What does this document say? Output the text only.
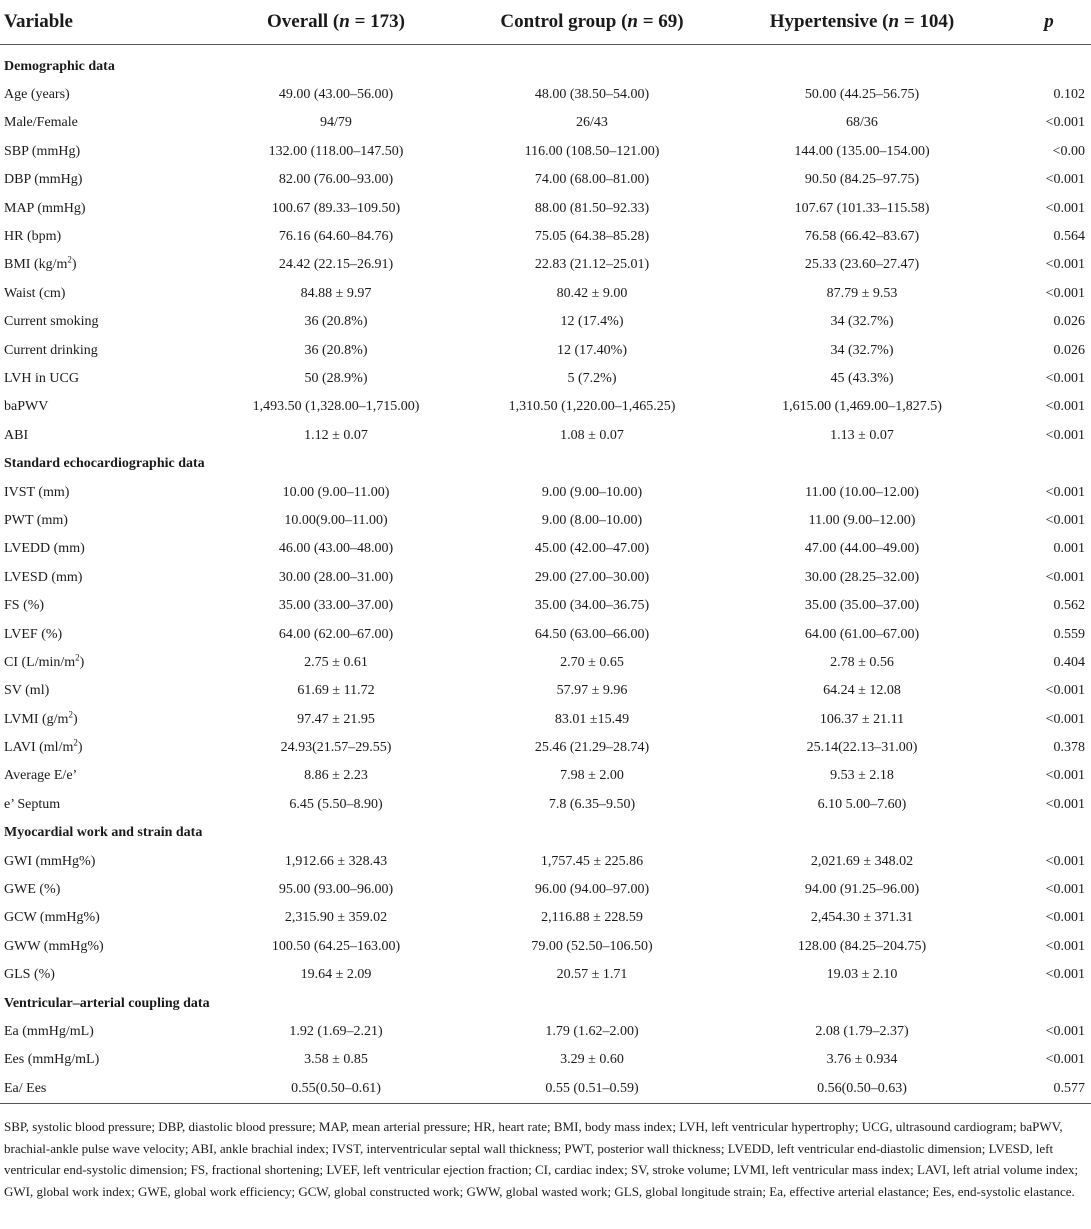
Variable	Overall (n = 173)	Control group (n = 69)	Hypertensive (n = 104)	p

Demographic data				
Age (years)	49.00 (43.00–56.00)	48.00 (38.50–54.00)	50.00 (44.25–56.75)	0.102
Male/Female	94/79	26/43	68/36	<0.001
SBP (mmHg)	132.00 (118.00–147.50)	116.00 (108.50–121.00)	144.00 (135.00–154.00)	<0.00
DBP (mmHg)	82.00 (76.00–93.00)	74.00 (68.00–81.00)	90.50 (84.25–97.75)	<0.001
MAP (mmHg)	100.67 (89.33–109.50)	88.00 (81.50–92.33)	107.67 (101.33–115.58)	<0.001
HR (bpm)	76.16 (64.60–84.76)	75.05 (64.38–85.28)	76.58 (66.42–83.67)	0.564
BMI $(kg/m^2)$	24.42 (22.15–26.91)	22.83 (21.12–25.01)	25.33 (23.60–27.47)	<0.001
Waist (cm)	84.88 ± 9.97	80.42 ± 9.00	87.79 ± 9.53	<0.001
Current smoking	36 (20.8%)	12 (17.4%)	34 (32.7%)	0.026
Current drinking	36 (20.8%)	12 (17.40%)	34 (32.7%)	0.026
LVH in UCG	50 (28.9%)	5 (7.2%)	45 (43.3%)	<0.001
baPWV	1,493.50 (1,328.00–1,715.00)	1,310.50 (1,220.00–1,465.25)	1,615.00 (1,469.00–1,827.5)	<0.001
ABI	1.12 ± 0.07	1.08 ± 0.07	1.13 ± 0.07	<0.001
Standard echocardiographic data				
IVST (mm)	10.00 (9.00–11.00)	9.00 (9.00–10.00)	11.00 (10.00–12.00)	<0.001
PWT (mm)	10.00(9.00–11.00)	9.00 (8.00–10.00)	11.00 (9.00–12.00)	<0.001
LVEDD (mm)	46.00 (43.00–48.00)	45.00 (42.00–47.00)	47.00 (44.00–49.00)	0.001
LVESD (mm)	30.00 (28.00–31.00)	29.00 (27.00–30.00)	30.00 (28.25–32.00)	<0.001
FS (%)	35.00 (33.00–37.00)	35.00 (34.00–36.75)	35.00 (35.00–37.00)	0.562
LVEF (%)	64.00 (62.00–67.00)	64.50 (63.00–66.00)	64.00 (61.00–67.00)	0.559
CI $(L/\min/m^2)$	2.75 ± 0.61	2.70 ± 0.65	2.78 ± 0.56	0.404
SV (ml)	61.69 ± 11.72	57.97 ± 9.96	64.24 ± 12.08	<0.001
LVMI $(g/m^2)$	97.47 ± 21.95	83.01 ±15.49	106.37 ± 21.11	<0.001
LAVI $(ml/m^2)$	24.93(21.57–29.55)	25.46 (21.29–28.74)	25.14(22.13–31.00)	0.378
Average E/e’	8.86 ± 2.23	7.98 ± 2.00	9.53 ± 2.18	<0.001
e’ Septum	6.45 (5.50–8.90)	7.8 (6.35–9.50)	6.10 5.00–7.60)	<0.001
Myocardial work and strain data				
GWI (mmHg%)	1,912.66 ± 328.43	1,757.45 ± 225.86	2,021.69 ± 348.02	<0.001
GWE (%)	95.00 (93.00–96.00)	96.00 (94.00–97.00)	94.00 (91.25–96.00)	<0.001
GCW (mmHg%)	2,315.90 ± 359.02	2,116.88 ± 228.59	2,454.30 ± 371.31	<0.001
GWW (mmHg%)	100.50 (64.25–163.00)	79.00 (52.50–106.50)	128.00 (84.25–204.75)	<0.001
GLS (%)	19.64 ± 2.09	20.57 ± 1.71	19.03 ± 2.10	<0.001
Ventricular–arterial coupling data				
Ea (mmHg/mL)	1.92 (1.69–2.21)	1.79 (1.62–2.00)	2.08 (1.79–2.37)	<0.001
Ees (mmHg/mL)	3.58 ± 0.85	3.29 ± 0.60	3.76 ± 0.934	<0.001
Ea/ Ees	0.55(0.50–0.61)	0.55 (0.51–0.59)	0.56(0.50–0.63)	0.577
SBP, systolic blood pressure; DBP, diastolic blood pressure; MAP, mean arterial pressure; HR, heart rate; BMI, body mass index; LVH, left ventricular hypertrophy; UCG, ultrasound cardiogram; baPWV, brachial-ankle pulse wave velocity; ABI, ankle brachial index; IVST, interventricular septal wall thickness; PWT, posterior wall thickness; LVEDD, left ventricular end-diastolic dimension; LVESD, left ventricular end-systolic dimension; FS, fractional shortening; LVEF, left ventricular ejection fraction; CI, cardiac index; SV, stroke volume; LVMI, left ventricular mass index; LAVI, left atrial volume index; GWI, global work index; GWE, global work efficiency; GCW, global constructed work; GWW, global wasted work; GLS, global longitude strain; Ea, effective arterial elastance; Ees, end-systolic elastance.
